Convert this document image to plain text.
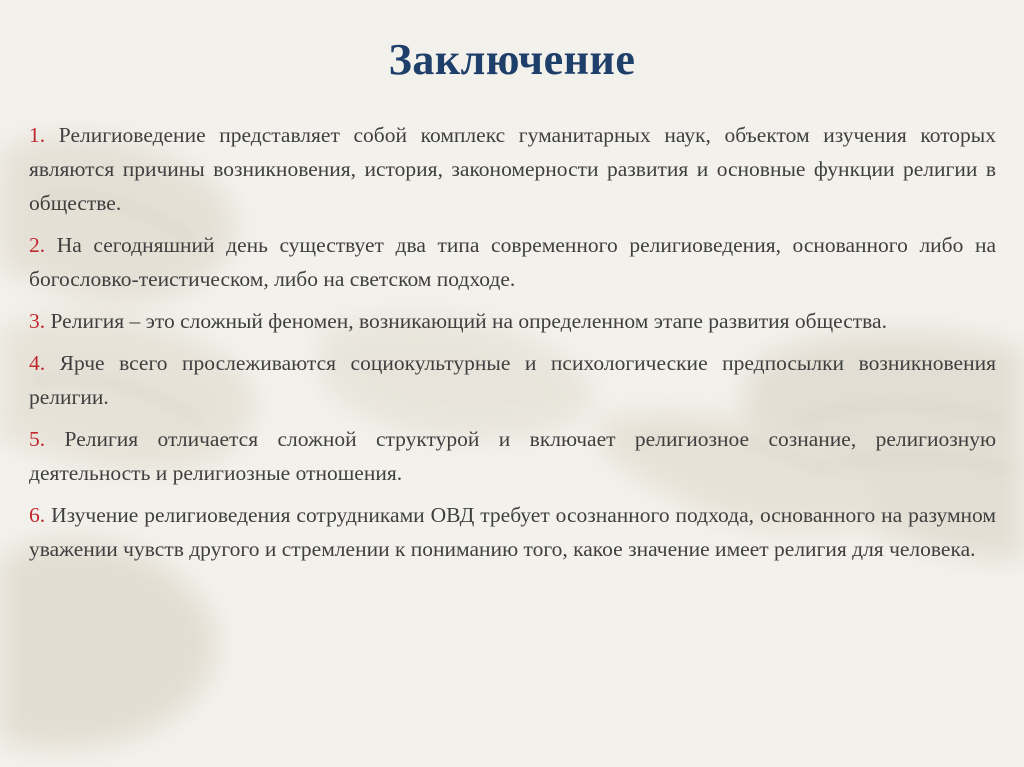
Заключение

1. Религиоведение представляет собой комплекс гуманитарных наук, объектом изучения которых являются причины возникновения, история, закономерности развития и основные функции религии в обществе.

2. На сегодняшний день существует два типа современного религиоведения, основанного либо на богословко-теистическом, либо на светском подходе.

3. Религия – это сложный феномен, возникающий на определенном этапе развития общества.

4. Ярче всего прослеживаются социокультурные и психологические предпосылки возникновения религии.

5. Религия отличается сложной структурой и включает религиозное сознание, религиозную деятельность и религиозные отношения.

6. Изучение религиоведения сотрудниками ОВД требует осознанного подхода, основанного на разумном уважении чувств другого и стремлении к пониманию того, какое значение имеет религия для человека.
